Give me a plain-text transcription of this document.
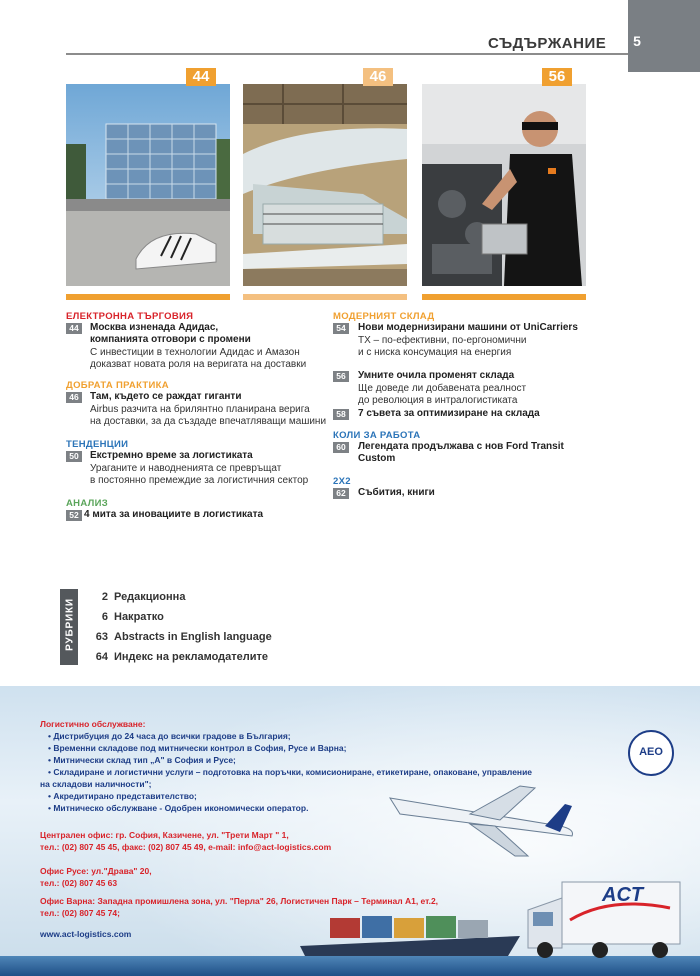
СЪДЪРЖАНИЕ	5
44	46	56
ЕЛЕКТРОННА ТЪРГОВИЯ
44	Москва изненада Адидас,
компанията отговори с промени
С инвестиции в технологии Адидас и Амазон
доказват новата роля на веригата на доставки
ДОБРАТА ПРАКТИКА
46	Там, където се раждат гиганти
Airbus разчита на брилянтно планирана верига
на доставки, за да създаде впечатляващи машини
ТЕНДЕНЦИИ
50	Екстремно време за логистиката
Ураганите и наводненията се превръщат
в постоянно премеждие за логистичния сектор
АНАЛИЗ
52 4 мита за иновациите в логистиката
МОДЕРНИЯТ СКЛАД
54	Нови модернизирани машини от UniCarriers
TX – по-ефективни, по-ергономични
и с ниска консумация на енергия
56	Умните очила променят склада
Ще доведе ли добавената реалност
до революция в интралогистиката
58	7 съвета за оптимизиране на склада
КОЛИ ЗА РАБОТА
60	Легендата продължава с нов Ford Transit
Custom
2X2
62	Събития, книги
РУБРИКИ
2 Редакционна
6 Накратко
63 Abstracts in English language
64 Индекс на рекламодателите
AEO
ACT
Логистично обслужване:
• Дистрибуция до 24 часа до всички градове в България;
• Временни складове под митнически контрол в София, Русе и Варна;
• Митнически склад тип „А" в София и Русе;
• Складиране и логистични услуги – подготовка на поръчки, комисиониране, етикетиране, опаковане, управление
на складови наличности";
• Акредитирано представителство;
• Митническо обслужване - Одобрен икономически оператор.
Централен офис: гр. София, Казичене, ул. "Трети Март " 1,
тел.: (02) 807 45 45, факс: (02) 807 45 49, e-mail: info@act-logistics.com
Офис Русе: ул."Драва" 20,
тел.: (02) 807 45 63
Офис Варна: Западна промишлена зона, ул. "Перла" 26, Логистичен Парк – Терминал А1, ет.2,
тел.: (02) 807 45 74;
www.act-logistics.com
